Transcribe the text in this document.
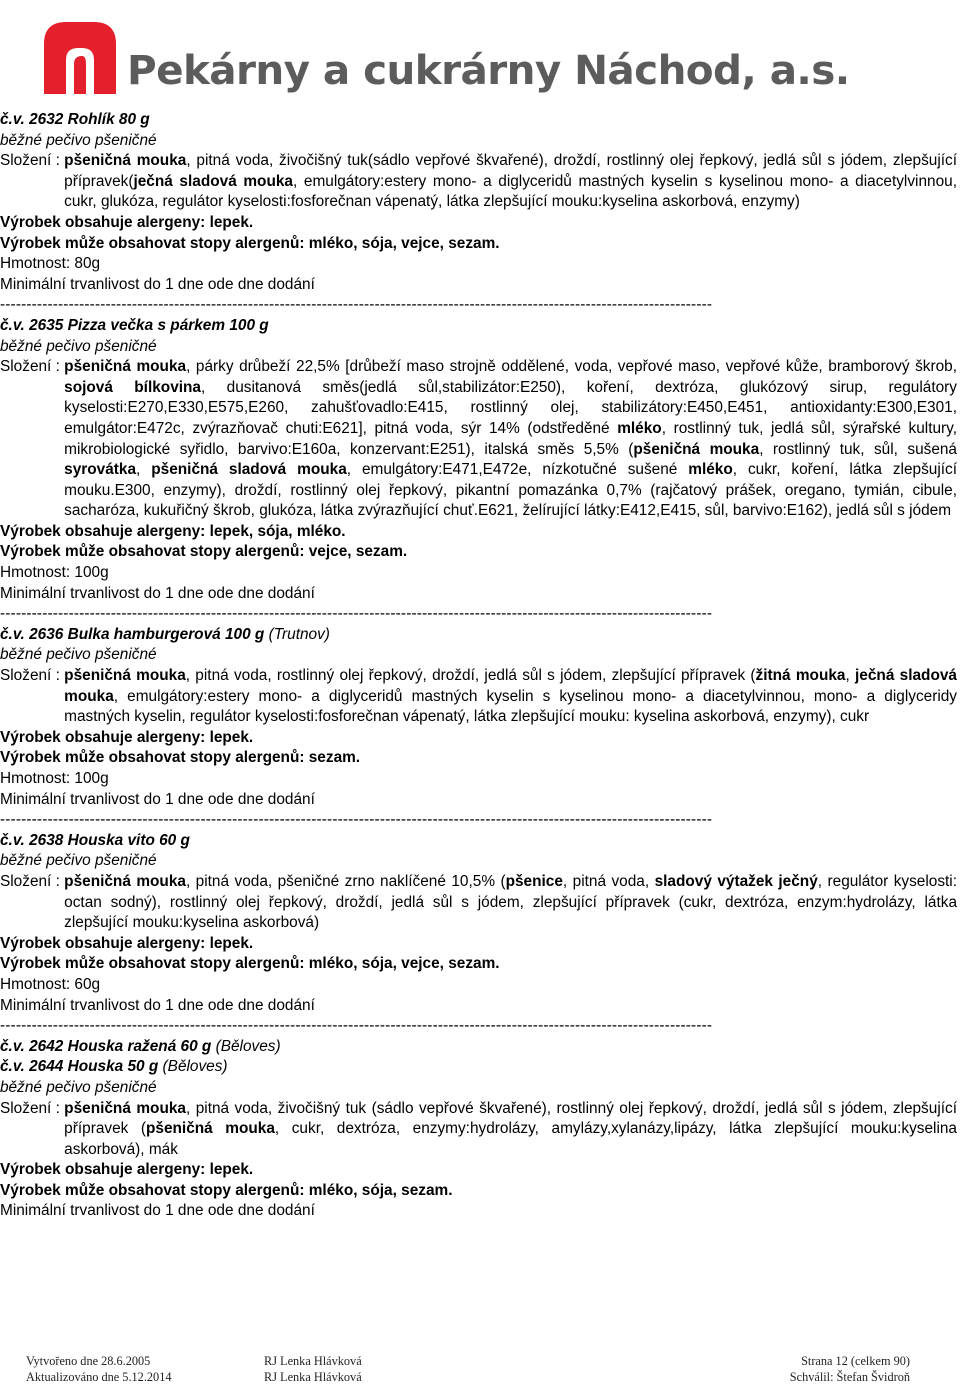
Pekárny a cukrárny Náchod, a.s.
č.v. 2632 Rohlík 80 g
běžné pečivo pšeničné
Složení : pšeničná mouka, pitná voda, živočišný tuk(sádlo vepřové škvařené), droždí, rostlinný olej řepkový, jedlá sůl s jódem, zlepšující přípravek(ječná sladová mouka, emulgátory:estery mono- a diglyceridů mastných kyselin s kyselinou mono- a diacetylvinnou, cukr, glukóza, regulátor kyselosti:fosforečnan vápenatý, látka zlepšující mouku:kyselina askorbová, enzymy)
Výrobek obsahuje alergeny: lepek.
Výrobek může obsahovat stopy alergenů: mléko, sója, vejce, sezam.
Hmotnost: 80g
Minimální trvanlivost do 1 dne ode dne dodání
---------------------------------------------------------------------------------------------------------------------------------------
č.v. 2635 Pizza večka s párkem 100 g
běžné pečivo pšeničné
Složení : pšeničná mouka, párky drůbeží 22,5% [drůbeží maso strojně oddělené, voda, vepřové maso, vepřové kůže, bramborový škrob, sojová bílkovina, dusitanová směs(jedlá sůl,stabilizátor:E250), koření, dextróza, glukózový sirup, regulátory kyselosti:E270,E330,E575,E260, zahušťovadlo:E415, rostlinný olej, stabilizátory:E450,E451, antioxidanty:E300,E301, emulgátor:E472c, zvýrazňovač chuti:E621], pitná voda, sýr 14% (odstředěné mléko, rostlinný tuk, jedlá sůl, sýrařské kultury, mikrobiologické syřidlo, barvivo:E160a, konzervant:E251), italská směs 5,5% (pšeničná mouka, rostlinný tuk, sůl, sušená syrovátka, pšeničná sladová mouka, emulgátory:E471,E472e, nízkotučné sušené mléko, cukr, koření, látka zlepšující mouku.E300, enzymy), droždí, rostlinný olej řepkový, pikantní pomazánka 0,7% (rajčatový prášek, oregano, tymián, cibule, sacharóza, kukuřičný škrob, glukóza, látka zvýrazňující chuť.E621, želírující látky:E412,E415, sůl, barvivo:E162), jedlá sůl s jódem
Výrobek obsahuje alergeny: lepek, sója, mléko.
Výrobek může obsahovat stopy alergenů: vejce, sezam.
Hmotnost: 100g
Minimální trvanlivost do 1 dne ode dne dodání
---------------------------------------------------------------------------------------------------------------------------------------
č.v. 2636 Bulka hamburgerová 100 g (Trutnov)
běžné pečivo pšeničné
Složení : pšeničná mouka, pitná voda, rostlinný olej řepkový, droždí, jedlá sůl s jódem, zlepšující přípravek (žitná mouka, ječná sladová mouka, emulgátory:estery mono- a diglyceridů mastných kyselin s kyselinou mono- a diacetylvinnou, mono- a diglyceridy mastných kyselin, regulátor kyselosti:fosforečnan vápenatý, látka zlepšující mouku: kyselina askorbová, enzymy), cukr
Výrobek obsahuje alergeny: lepek.
Výrobek může obsahovat stopy alergenů: sezam.
Hmotnost: 100g
Minimální trvanlivost do 1 dne ode dne dodání
---------------------------------------------------------------------------------------------------------------------------------------
č.v. 2638 Houska vito 60 g
běžné pečivo pšeničné
Složení : pšeničná mouka, pitná voda, pšeničné zrno naklíčené 10,5% (pšenice, pitná voda, sladový výtažek ječný, regulátor kyselosti: octan sodný), rostlinný olej řepkový, droždí, jedlá sůl s jódem, zlepšující přípravek (cukr, dextróza, enzym:hydrolázy, látka zlepšující mouku:kyselina askorbová)
Výrobek obsahuje alergeny: lepek.
Výrobek může obsahovat stopy alergenů: mléko, sója, vejce, sezam.
Hmotnost: 60g
Minimální trvanlivost do 1 dne ode dne dodání
---------------------------------------------------------------------------------------------------------------------------------------
č.v. 2642 Houska ražená 60 g (Běloves)
č.v. 2644 Houska 50 g (Běloves)
běžné pečivo pšeničné
Složení : pšeničná mouka, pitná voda, živočišný tuk (sádlo vepřové škvařené), rostlinný olej řepkový, droždí, jedlá sůl s jódem, zlepšující přípravek (pšeničná mouka, cukr, dextróza, enzymy:hydrolázy, amylázy,xylanázy,lipázy, látka zlepšující mouku:kyselina askorbová), mák
Výrobek obsahuje alergeny: lepek.
Výrobek může obsahovat stopy alergenů: mléko, sója, sezam.
Minimální trvanlivost do 1 dne ode dne dodání
Vytvořeno dne 28.6.2005
Aktualizováno dne 5.12.2014
RJ Lenka Hlávková
RJ Lenka Hlávková
Strana 12 (celkem 90)
Schválil: Štefan Švidroň
